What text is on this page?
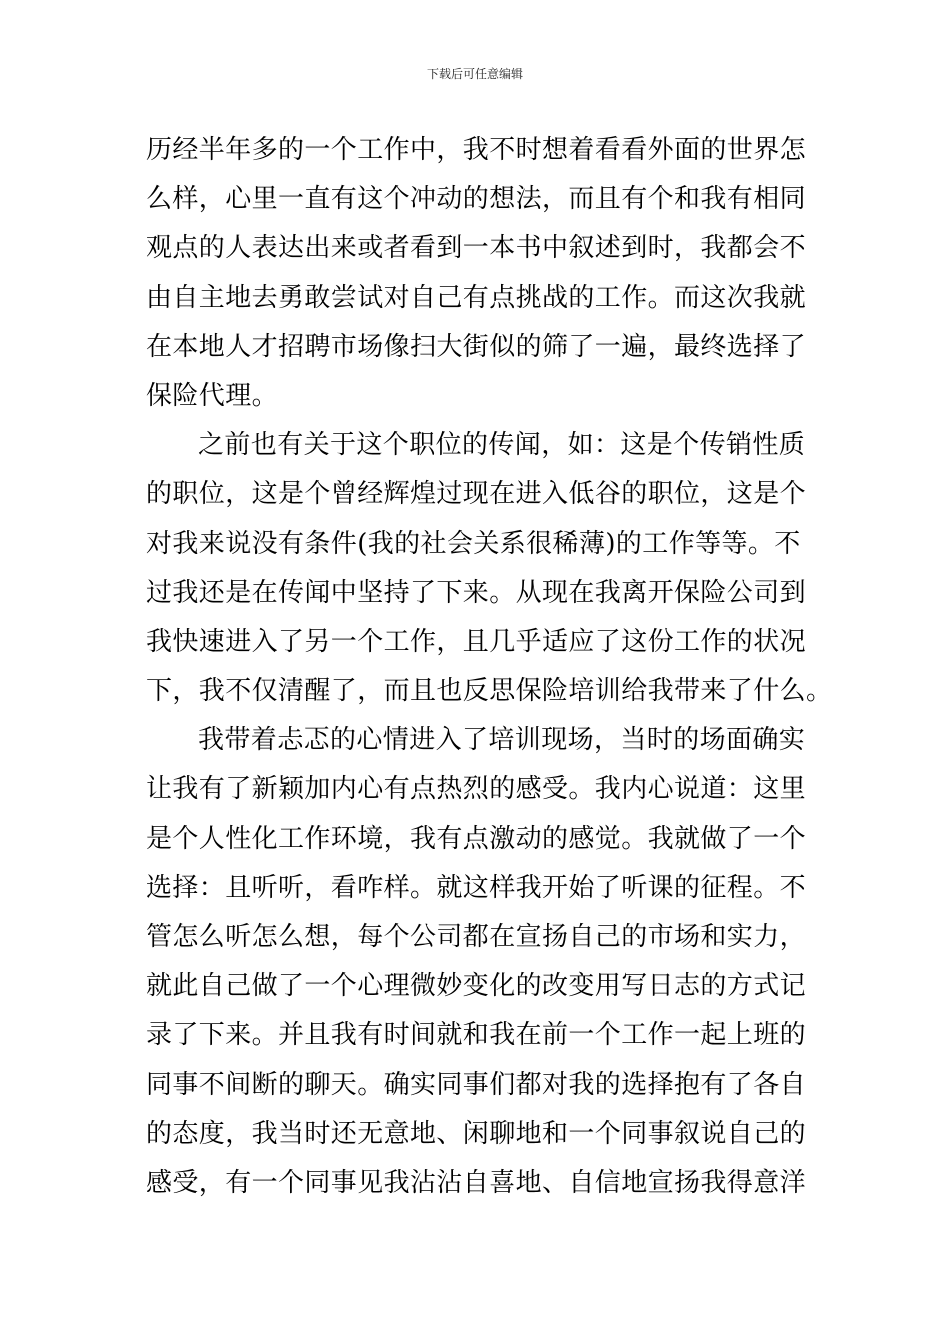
下载后可任意编辑
历经半年多的一个工作中，我不时想着看看外面的世界怎
么样，心里一直有这个冲动的想法，而且有个和我有相同
观点的人表达出来或者看到一本书中叙述到时，我都会不
由自主地去勇敢尝试对自己有点挑战的工作。而这次我就
在本地人才招聘市场像扫大街似的筛了一遍，最终选择了
保险代理。
之前也有关于这个职位的传闻，如：这是个传销性质
的职位，这是个曾经辉煌过现在进入低谷的职位，这是个
对我来说没有条件(我的社会关系很稀薄)的工作等等。不
过我还是在传闻中坚持了下来。从现在我离开保险公司到
我快速进入了另一个工作，且几乎适应了这份工作的状况
下，我不仅清醒了，而且也反思保险培训给我带来了什么。
我带着忐忑的心情进入了培训现场，当时的场面确实
让我有了新颖加内心有点热烈的感受。我内心说道：这里
是个人性化工作环境，我有点激动的感觉。我就做了一个
选择：且听听，看咋样。就这样我开始了听课的征程。不
管怎么听怎么想，每个公司都在宣扬自己的市场和实力，
就此自己做了一个心理微妙变化的改变用写日志的方式记
录了下来。并且我有时间就和我在前一个工作一起上班的
同事不间断的聊天。确实同事们都对我的选择抱有了各自
的态度，我当时还无意地、闲聊地和一个同事叙说自己的
感受，有一个同事见我沾沾自喜地、自信地宣扬我得意洋
